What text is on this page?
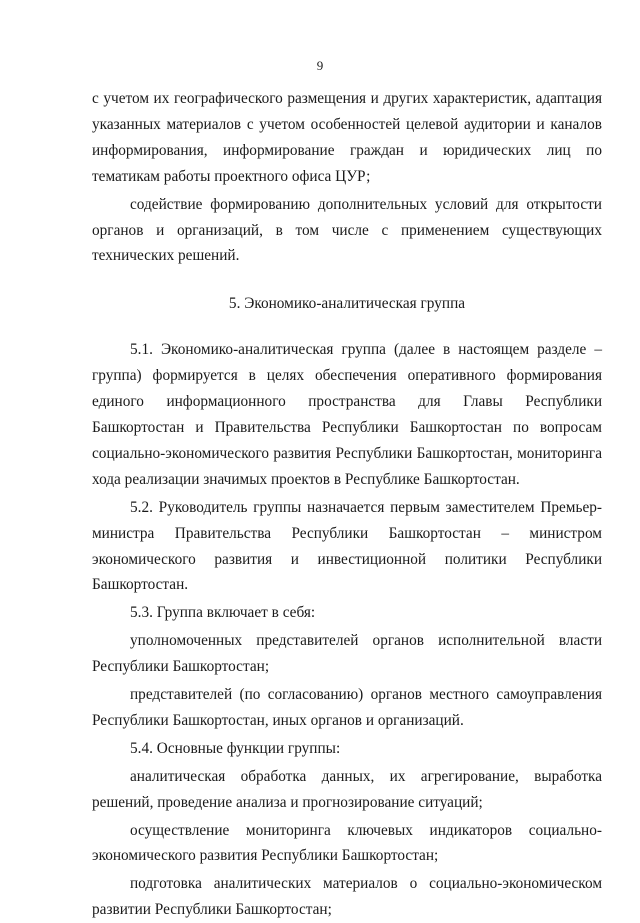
9

с учетом их географического размещения и других характеристик, адаптация указанных материалов с учетом особенностей целевой аудитории и каналов информирования, информирование граждан и юридических лиц по тематикам работы проектного офиса ЦУР;

содействие формированию дополнительных условий для открытости органов и организаций, в том числе с применением существующих технических решений.

5. Экономико-аналитическая группа

5.1. Экономико-аналитическая группа (далее в настоящем разделе – группа) формируется в целях обеспечения оперативного формирования единого информационного пространства для Главы Республики Башкортостан и Правительства Республики Башкортостан по вопросам социально-экономического развития Республики Башкортостан, мониторинга хода реализации значимых проектов в Республике Башкортостан.

5.2. Руководитель группы назначается первым заместителем Премьер-министра Правительства Республики Башкортостан – министром экономического развития и инвестиционной политики Республики Башкортостан.

5.3. Группа включает в себя:

уполномоченных представителей органов исполнительной власти Республики Башкортостан;

представителей (по согласованию) органов местного самоуправления Республики Башкортостан, иных органов и организаций.

5.4. Основные функции группы:

аналитическая обработка данных, их агрегирование, выработка решений, проведение анализа и прогнозирование ситуаций;

осуществление мониторинга ключевых индикаторов социально-экономического развития Республики Башкортостан;

подготовка аналитических материалов о социально-экономическом развитии Республики Башкортостан;
